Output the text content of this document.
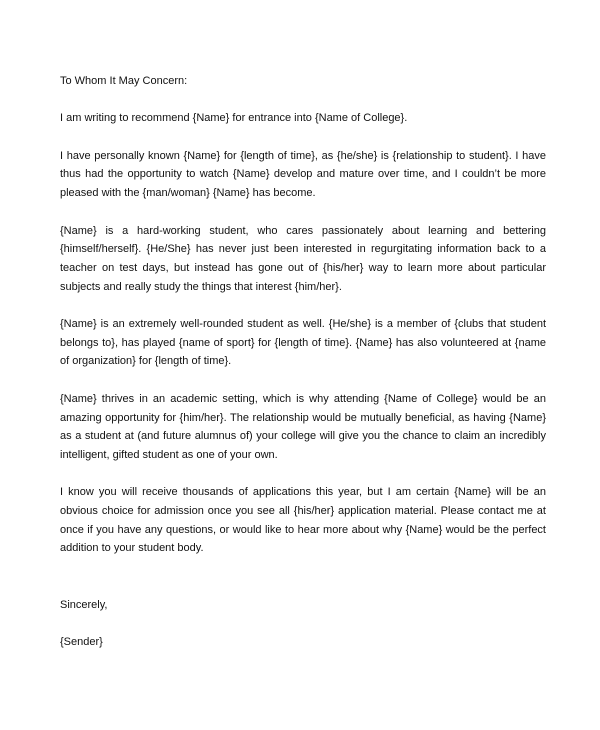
To Whom It May Concern:

I am writing to recommend {Name} for entrance into {Name of College}.

I have personally known {Name} for {length of time}, as {he/she} is {relationship to student}. I have thus had the opportunity to watch {Name} develop and mature over time, and I couldn’t be more pleased with the {man/woman} {Name} has become.

{Name} is a hard-working student, who cares passionately about learning and bettering {himself/herself}. {He/She} has never just been interested in regurgitating information back to a teacher on test days, but instead has gone out of {his/her} way to learn more about particular subjects and really study the things that interest {him/her}.

{Name} is an extremely well-rounded student as well. {He/she} is a member of {clubs that student belongs to}, has played {name of sport} for {length of time}. {Name} has also volunteered at {name of organization} for {length of time}.

{Name} thrives in an academic setting, which is why attending {Name of College} would be an amazing opportunity for {him/her}. The relationship would be mutually beneficial, as having {Name} as a student at (and future alumnus of) your college will give you the chance to claim an incredibly intelligent, gifted student as one of your own.

I know you will receive thousands of applications this year, but I am certain {Name} will be an obvious choice for admission once you see all {his/her} application material. Please contact me at once if you have any questions, or would like to hear more about why {Name} would be the perfect addition to your student body.

Sincerely,

{Sender}
